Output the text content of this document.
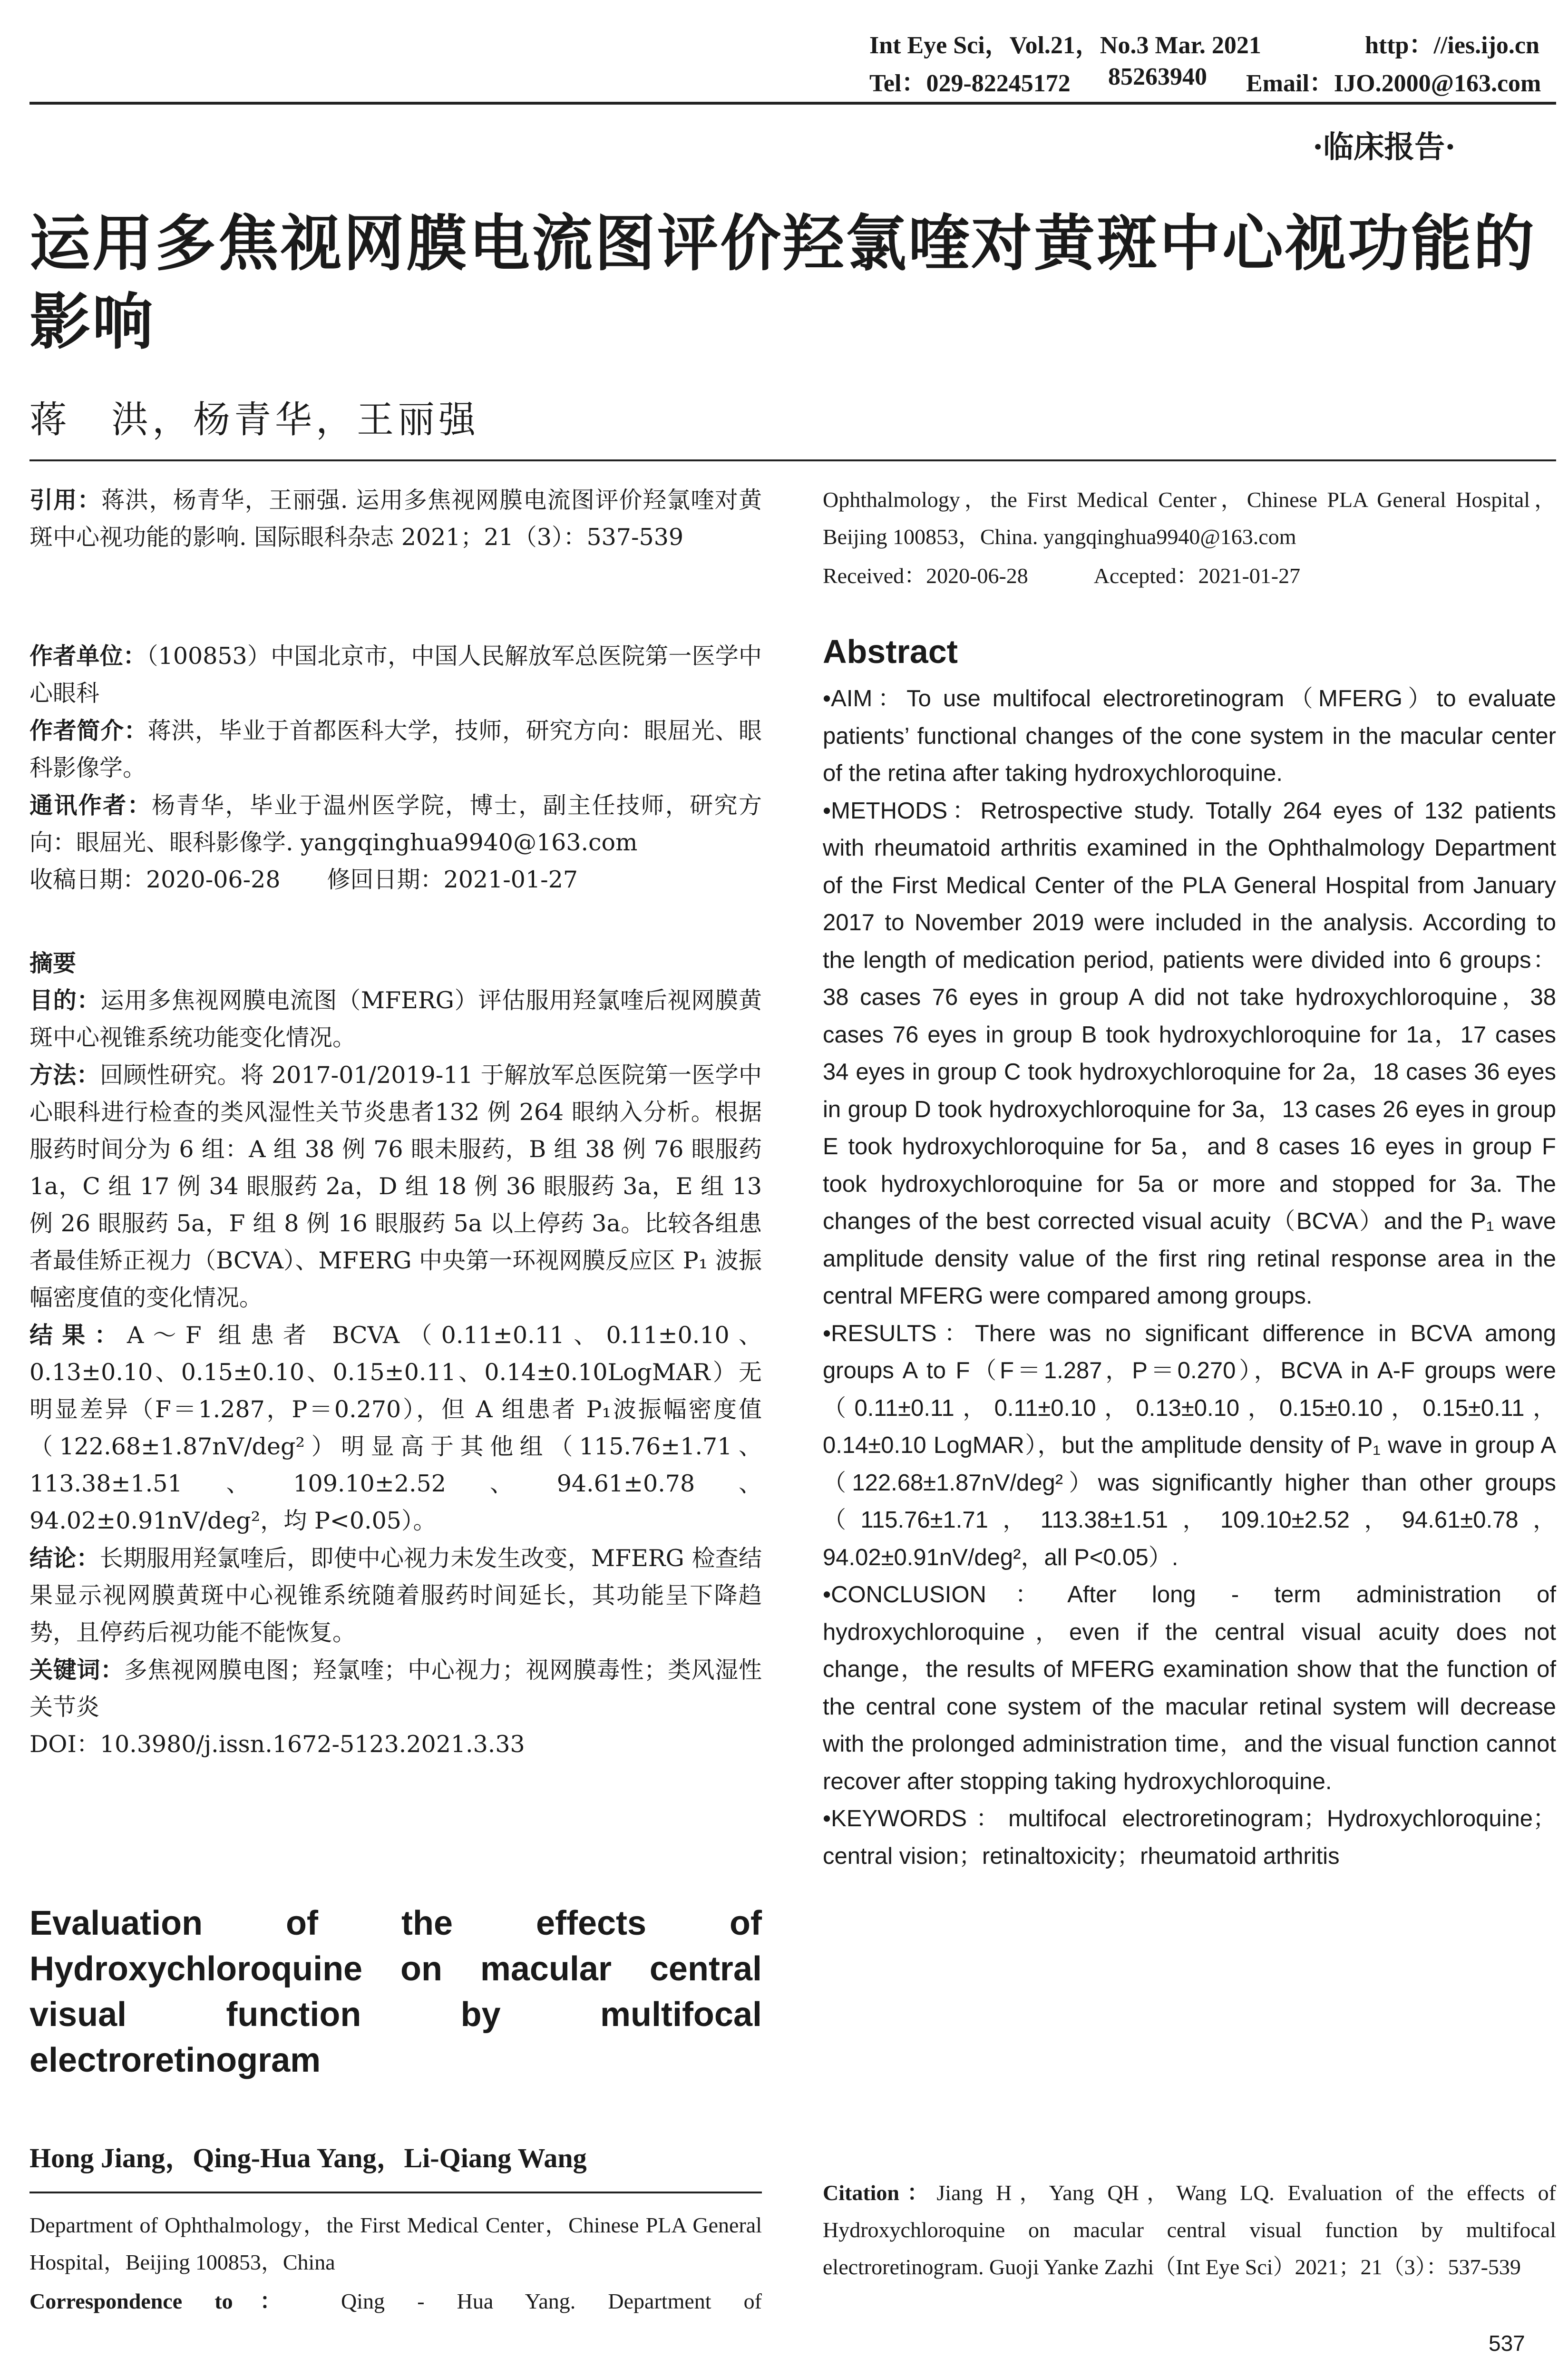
Int Eye Sci，Vol.21，No.3 Mar. 2021	http：//ies.ijo.cn
Tel：029-82245172 85263940 Email：IJO.2000@163.com
·临床报告·
运用多焦视网膜电流图评价羟氯喹对黄斑中心视功能的影响
蒋　洪，杨青华，王丽强
引用：蒋洪，杨青华，王丽强. 运用多焦视网膜电流图评价羟氯喹对黄斑中心视功能的影响. 国际眼科杂志 2021；21（3）：537-539

作者单位：（100853）中国北京市，中国人民解放军总医院第一医学中心眼科

作者简介：蒋洪，毕业于首都医科大学，技师，研究方向：眼屈光、眼科影像学。

通讯作者：杨青华，毕业于温州医学院，博士，副主任技师，研究方向：眼屈光、眼科影像学. yangqinghua9940@163.com

收稿日期：2020-06-28　　 修回日期：2021-01-27

摘要

目的：运用多焦视网膜电流图（MFERG）评估服用羟氯喹后视网膜黄斑中心视锥系统功能变化情况。

方法：回顾性研究。将 2017-01/2019-11 于解放军总医院第一医学中心眼科进行检查的类风湿性关节炎患者132 例 264 眼纳入分析。根据服药时间分为 6 组：A 组 38 例 76 眼未服药，B 组 38 例 76 眼服药 1a，C 组 17 例 34 眼服药 2a，D 组 18 例 36 眼服药 3a，E 组 13 例 26 眼服药 5a，F 组 8 例 16 眼服药 5a 以上停药 3a。比较各组患者最佳矫正视力（BCVA）、MFERG 中央第一环视网膜反应区 P₁ 波振幅密度值的变化情况。

结果：A～F 组患者 BCVA（0.11±0.11、0.11±0.10、0.13±0.10、0.15±0.10、0.15±0.11、0.14±0.10LogMAR）无明显差异（F＝1.287，P＝0.270），但 A 组患者 P₁波振幅密度值（122.68±1.87nV/deg²）明显高于其他组（115.76±1.71、113.38±1.51、109.10±2.52、94.61±0.78、94.02±0.91nV/deg²，均 P<0.05）。

结论：长期服用羟氯喹后，即使中心视力未发生改变，MFERG 检查结果显示视网膜黄斑中心视锥系统随着服药时间延长，其功能呈下降趋势，且停药后视功能不能恢复。

关键词：多焦视网膜电图；羟氯喹；中心视力；视网膜毒性；类风湿性关节炎

DOI：10.3980/j.issn.1672-5123.2021.3.33

Evaluation of the effects of Hydroxychloroquine on macular central visual function by multifocal electroretinogram
Hong Jiang，Qing-Hua Yang，Li-Qiang Wang
Department of Ophthalmology，the First Medical Center，Chinese PLA General Hospital，Beijing 100853，China
Correspondence to： Qing - Hua Yang. Department of
Ophthalmology，the First Medical Center，Chinese PLA General Hospital，Beijing 100853，China. yangqinghua9940@163.com
Received：2020-06-28　　　	Accepted：2021-01-27
Abstract

•AIM：To use multifocal electroretinogram（MFERG）to evaluate patients’ functional changes of the cone system in the macular center of the retina after taking hydroxychloroquine.

•METHODS：Retrospective study. Totally 264 eyes of 132 patients with rheumatoid arthritis examined in the Ophthalmology Department of the First Medical Center of the PLA General Hospital from January 2017 to November 2019 were included in the analysis. According to the length of medication period, patients were divided into 6 groups：38 cases 76 eyes in group A did not take hydroxychloroquine，38 cases 76 eyes in group B took hydroxychloroquine for 1a，17 cases 34 eyes in group C took hydroxychloroquine for 2a，18 cases 36 eyes in group D took hydroxychloroquine for 3a，13 cases 26 eyes in group E took hydroxychloroquine for 5a，and 8 cases 16 eyes in group F took hydroxychloroquine for 5a or more and stopped for 3a. The changes of the best corrected visual acuity（BCVA）and the P₁ wave amplitude density value of the first ring retinal response area in the central MFERG were compared among groups.

•RESULTS：There was no significant difference in BCVA among groups A to F（F＝1.287，P＝0.270），BCVA in A-F groups were（0.11±0.11，0.11±0.10，0.13±0.10，0.15±0.10，0.15±0.11，0.14±0.10 LogMAR），but the amplitude density of P₁ wave in group A（122.68±1.87nV/deg²）was significantly higher than other groups（115.76±1.71，113.38±1.51，109.10±2.52，94.61±0.78，94.02±0.91nV/deg²，all P<0.05）.

•CONCLUSION：After long - term administration of hydroxychloroquine，even if the central visual acuity does not change，the results of MFERG examination show that the function of the central cone system of the macular retinal system will decrease with the prolonged administration time，and the visual function cannot recover after stopping taking hydroxychloroquine.

•KEYWORDS：multifocal electroretinogram；Hydroxychloroquine；central vision；retinaltoxicity；rheumatoid arthritis

Citation：Jiang H，Yang QH，Wang LQ. Evaluation of the effects of Hydroxychloroquine on macular central visual function by multifocal electroretinogram. Guoji Yanke Zazhi（Int Eye Sci）2021；21（3）：537-539
537
